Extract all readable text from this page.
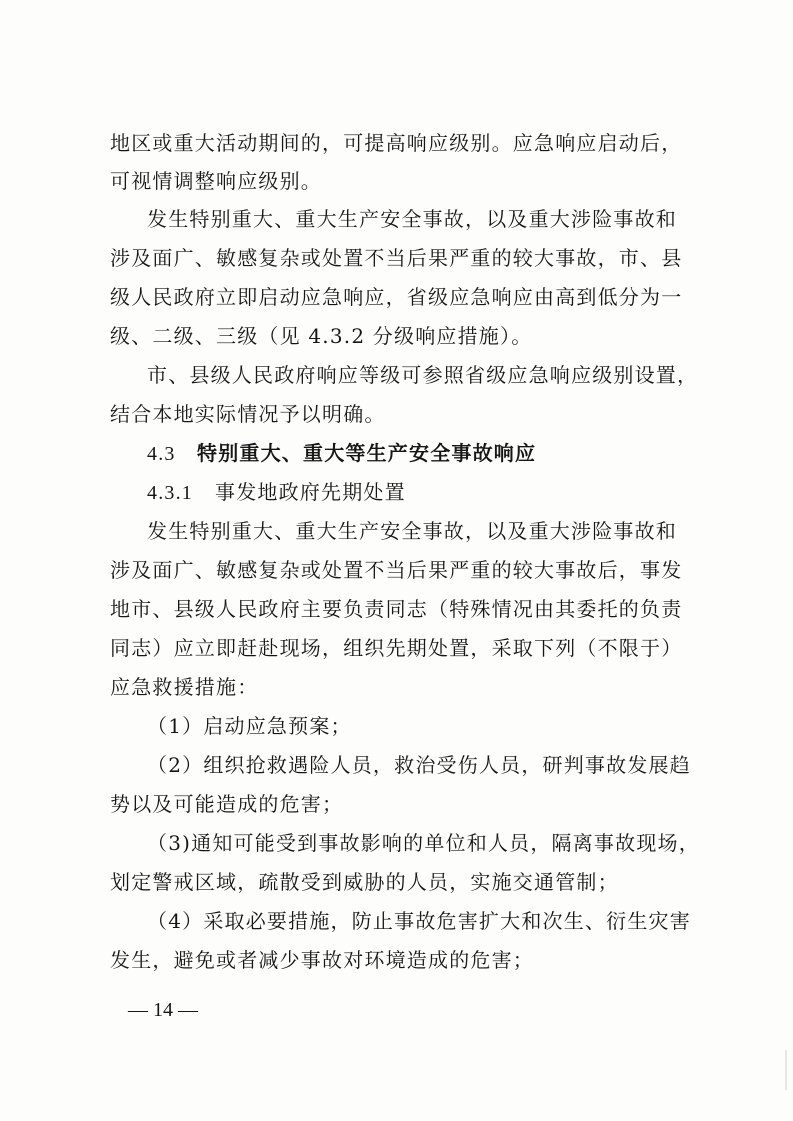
地区或重大活动期间的，可提高响应级别。应急响应启动后，
可视情调整响应级别。
发生特别重大、重大生产安全事故，以及重大涉险事故和
涉及面广、敏感复杂或处置不当后果严重的较大事故，市、县
级人民政府立即启动应急响应，省级应急响应由高到低分为一
级、二级、三级（见 4.3.2 分级响应措施）。
市、县级人民政府响应等级可参照省级应急响应级别设置，
结合本地实际情况予以明确。
4.3 特别重大、重大等生产安全事故响应
4.3.1 事发地政府先期处置
发生特别重大、重大生产安全事故，以及重大涉险事故和
涉及面广、敏感复杂或处置不当后果严重的较大事故后，事发
地市、县级人民政府主要负责同志（特殊情况由其委托的负责
同志）应立即赶赴现场，组织先期处置，采取下列（不限于）
应急救援措施：
（1）启动应急预案；
（2）组织抢救遇险人员，救治受伤人员，研判事故发展趋
势以及可能造成的危害；
（3)通知可能受到事故影响的单位和人员，隔离事故现场，
划定警戒区域，疏散受到威胁的人员，实施交通管制；
（4）采取必要措施，防止事故危害扩大和次生、衍生灾害
发生，避免或者减少事故对环境造成的危害；
— 14 —
